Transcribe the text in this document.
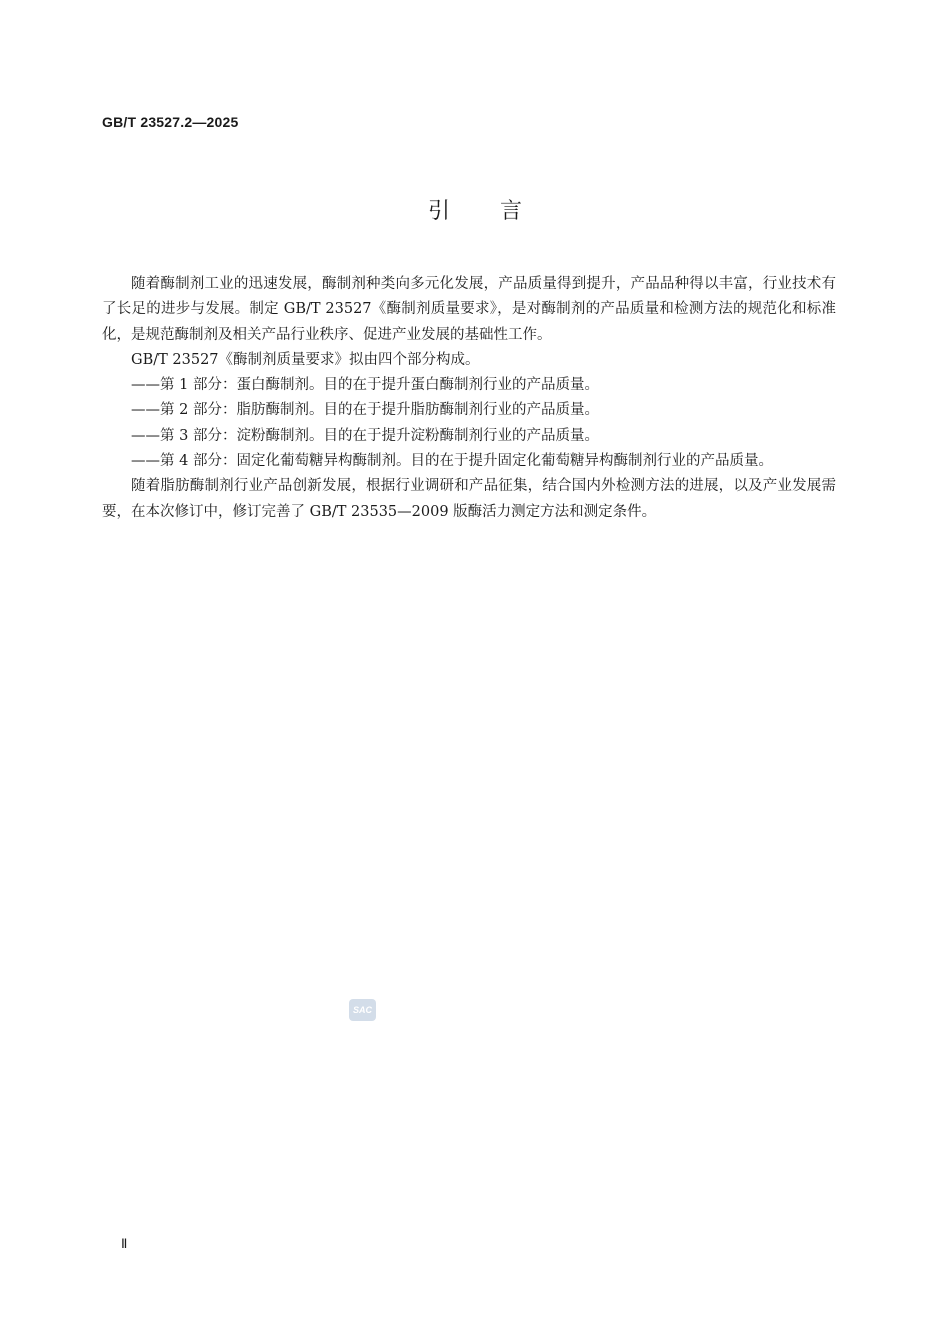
GB/T 23527.2—2025
引言

随着酶制剂工业的迅速发展，酶制剂种类向多元化发展，产品质量得到提升，产品品种得以丰富，行业技术有了长足的进步与发展。制定 GB/T 23527《酶制剂质量要求》，是对酶制剂的产品质量和检测方法的规范化和标准化，是规范酶制剂及相关产品行业秩序、促进产业发展的基础性工作。

GB/T 23527《酶制剂质量要求》拟由四个部分构成。

——第 1 部分：蛋白酶制剂。目的在于提升蛋白酶制剂行业的产品质量。

——第 2 部分：脂肪酶制剂。目的在于提升脂肪酶制剂行业的产品质量。

——第 3 部分：淀粉酶制剂。目的在于提升淀粉酶制剂行业的产品质量。

——第 4 部分：固定化葡萄糖异构酶制剂。目的在于提升固定化葡萄糖异构酶制剂行业的产品质量。

随着脂肪酶制剂行业产品创新发展，根据行业调研和产品征集，结合国内外检测方法的进展，以及产业发展需要，在本次修订中，修订完善了 GB/T 23535—2009 版酶活力测定方法和测定条件。

SAC
Ⅱ
